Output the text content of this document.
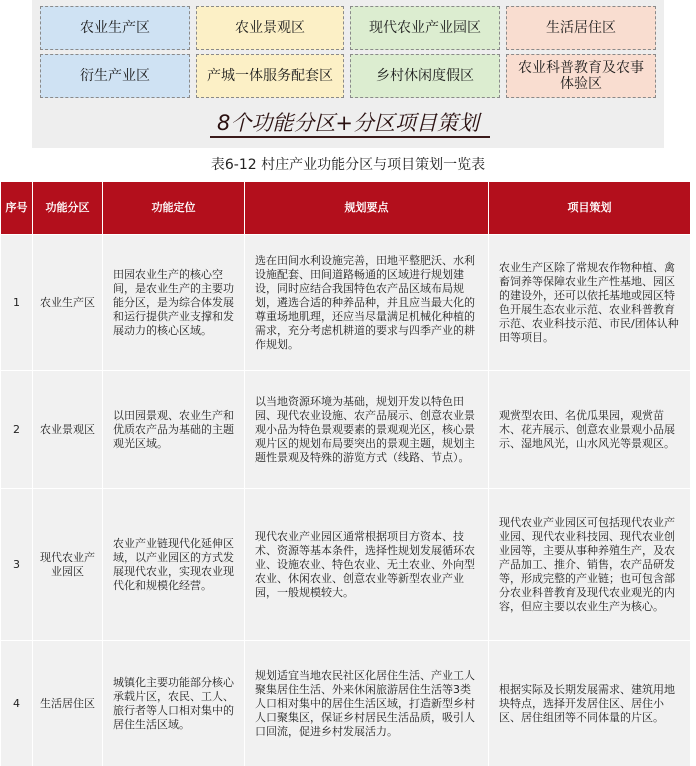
农业生产区	农业景观区	现代农业产业园区	生活居住区
衍生产业区	产城一体服务配套区	乡村休闲度假区	农业科普教育及农事体验区
8个功能分区+分区项目策划
表6-12 村庄产业功能分区与项目策划一览表
序号	功能分区	功能定位	规划要点	项目策划
1	农业生产区	田园农业生产的核心空间，是农业生产的主要功能分区，是为综合体发展和运行提供产业支撑和发展动力的核心区域。	选在田间水利设施完善，田地平整肥沃、水利设施配套、田间道路畅通的区域进行规划建设，同时应结合我国特色农产品区域布局规划，遴选合适的种养品种，并且应当最大化的尊重场地肌理，还应当尽量满足机械化种植的需求，充分考虑机耕道的要求与四季产业的耕作规划。	农业生产区除了常规农作物种植、禽畜饲养等保障农业生产性基地、园区的建设外，还可以依托基地或园区特色开展生态农业示范、农业科普教育示范、农业科技示范、市民/团体认种田等项目。
2	农业景观区	以田园景观、农业生产和优质农产品为基础的主题观光区域。	以当地资源环境为基础，规划开发以特色田园、现代农业设施、农产品展示、创意农业景观小品为特色景观要素的景观观光区，核心景观片区的规划布局要突出的景观主题，规划主题性景观及特殊的游览方式（线路、节点）。	观赏型农田、名优瓜果园，观赏苗木、花卉展示、创意农业景观小品展示、湿地风光，山水风光等景观区。
3	现代农业产业园区	农业产业链现代化延伸区域，以产业园区的方式发展现代农业，实现农业现代化和规模化经营。	现代农业产业园区通常根据项目方资本、技术、资源等基本条件，选择性规划发展循环农业、设施农业、特色农业、无土农业、外向型农业、休闲农业、创意农业等新型农业产业园，一般规模较大。	现代农业产业园区可包括现代农业产业园、现代农业科技园、现代农业创业园等，主要从事种养殖生产，及农产品加工、推介、销售，农产品研发等，形成完整的产业链；也可包含部分农业科普教育及现代农业观光的内容，但应主要以农业生产为核心。
4	生活居住区	城镇化主要功能部分核心承载片区，农民、工人、旅行者等人口相对集中的居住生活区域。	规划适宜当地农民社区化居住生活、产业工人聚集居住生活、外来休闲旅游居住生活等3类人口相对集中的居住生活区域，打造新型乡村人口聚集区，保证乡村居民生活品质，吸引人口回流，促进乡村发展活力。	根据实际及长期发展需求、建筑用地块特点，选择开发居住区、居住小区、居住组团等不同体量的片区。
